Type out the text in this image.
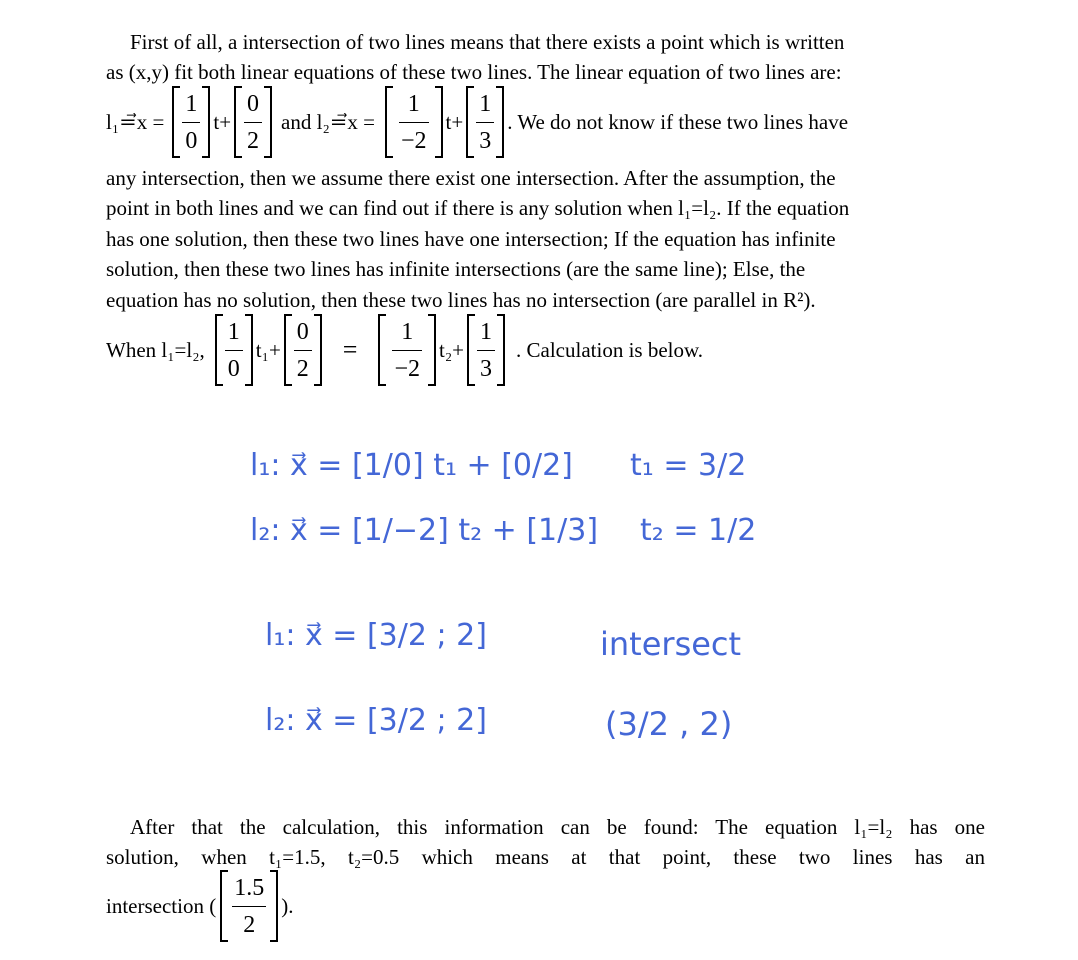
First of all, a intersection of two lines means that there exists a point which is written
as (x,y) fit both linear equations of these two lines. The linear equation of two lines are:
l₁=⃗x =
1
0
t+
0
2
and l₂=⃗x =
1
−2
t+
1
3
. We do not know if these two lines have
any intersection, then we assume there exist one intersection. After the assumption, the
point in both lines and we can find out if there is any solution when l₁=l₂. If the equation
has one solution, then these two lines have one intersection; If the equation has infinite
solution, then these two lines has infinite intersections (are the same line); Else, the
equation has no solution, then these two lines has no intersection (are parallel in R²).
When l₁=l₂,
1
0
t₁+
0
2
=
1
−2
t₂+
1
3
. Calculation is below.
l₁: x⃗ = [1/0] t₁ + [0/2] t₁ = 3/2
l₂: x⃗ = [1/−2] t₂ + [1/3] t₂ = 1/2
l₁: x⃗ = [3/2 ; 2]	intersect
l₂: x⃗ = [3/2 ; 2]	(3/2 , 2)
After that the calculation, this information can be found: The equation l₁=l₂ has one
solution, when t₁=1.5, t₂=0.5 which means at that point, these two lines has an
intersection (
1.5
2
).
